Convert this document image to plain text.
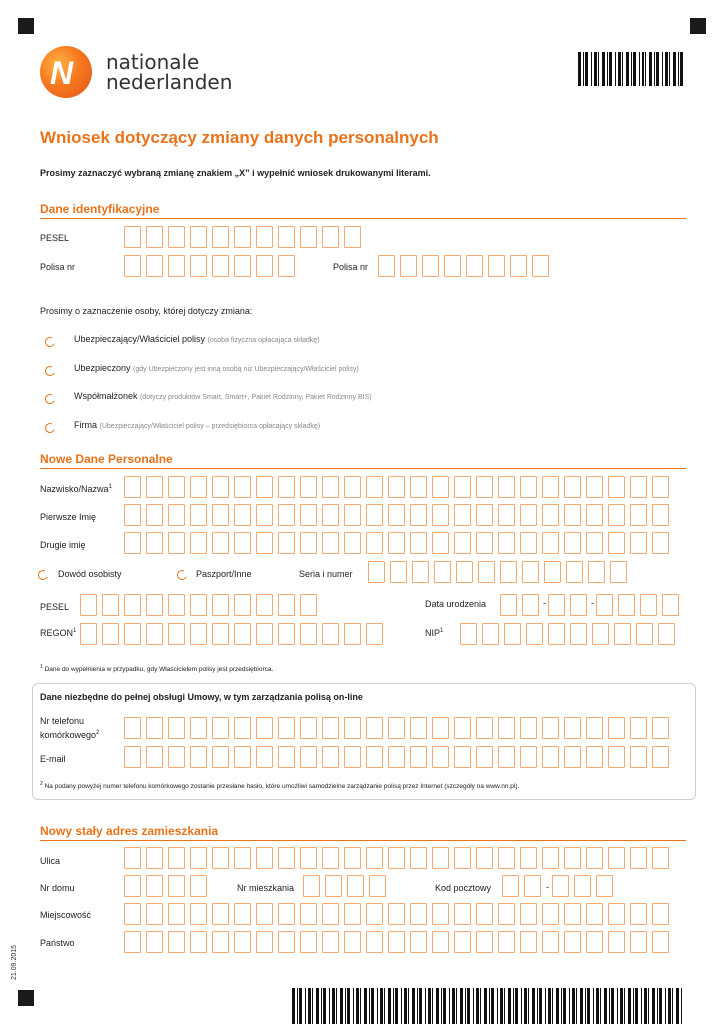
N nationale
nederlanden
Wniosek dotyczący zmiany danych personalnych
Prosimy zaznaczyć wybraną zmianę znakiem „X” i wypełnić wniosek drukowanymi literami.
Dane identyfikacyjne
PESEL
Polisa nr	Polisa nr
Prosimy o zaznaczenie osoby, której dotyczy zmiana:
Ubezpieczający/Właściciel polisy (osoba fizyczna opłacająca składkę)
Ubezpieczony (gdy Ubezpieczony jest inną osobą niż Ubezpieczający/Właściciel polisy)
Współmałżonek (dotyczy produktów Smart, Smart+, Pakiet Rodzinny, Pakiet Rodzinny BIS)
Firma (Ubezpieczający/Właściciel polisy – przedsiębiorca opłacający składkę)
Nowe Dane Personalne
Nazwisko/Nazwa$^1$
Pierwsze Imię
Drugie imię
Dowód osobisty	Paszport/Inne	Seria i numer
PESEL	Data urodzenia	-	-
REGON$^1$	NIP$^1$
$^1$ Dane do wypełnienia w przypadku, gdy Właścicielem polisy jest przedsiębiorca.
Dane niezbędne do pełnej obsługi Umowy, w tym zarządzania polisą on-line
Nr telefonu
komórkowego$^2$
E-mail
$^2$ Na podany powyżej numer telefonu komórkowego zostanie przesłane hasło, które umożliwi samodzielne zarządzanie polisą przez Internet (szczegóły na www.nn.pl).
Nowy stały adres zamieszkania
Ulica
Nr domu	Nr mieszkania	Kod pocztowy	-
Miejscowość
Państwo
21.09.2015
